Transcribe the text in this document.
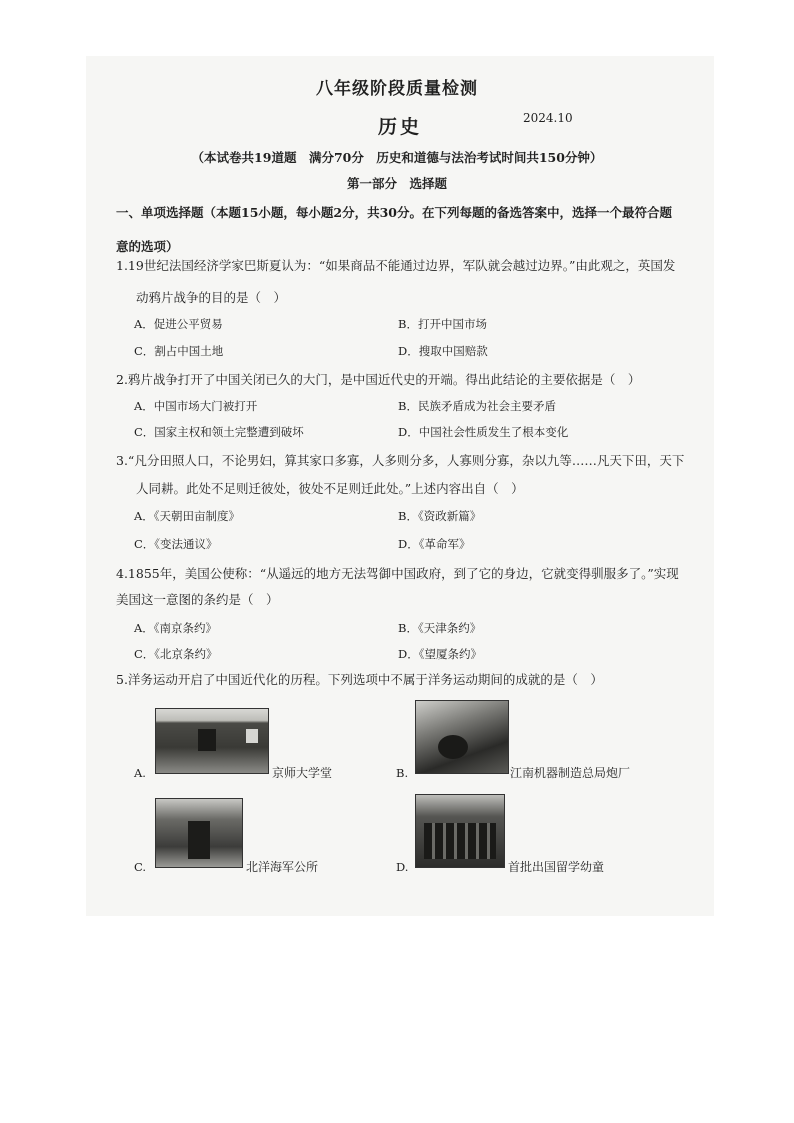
八年级阶段质量检测
历史	2024.10
（本试卷共19道题　满分70分　历史和道德与法治考试时间共150分钟）
第一部分　选择题
一、单项选择题（本题15小题，每小题2分，共30分。在下列每题的备选答案中，选择一个最符合题意的选项）
1.19世纪法国经济学家巴斯夏认为：“如果商品不能通过边界，军队就会越过边界。”由此观之，英国发
动鸦片战争的目的是（　）
A．促进公平贸易	B．打开中国市场
C．割占中国土地	D．搜取中国赔款
2.鸦片战争打开了中国关闭已久的大门，是中国近代史的开端。得出此结论的主要依据是（　）
A．中国市场大门被打开	B．民族矛盾成为社会主要矛盾
C．国家主权和领土完整遭到破坏	D．中国社会性质发生了根本变化
3.“凡分田照人口，不论男妇，算其家口多寡，人多则分多，人寡则分寡，杂以九等……凡天下田，天下
人同耕。此处不足则迁彼处，彼处不足则迁此处。”上述内容出自（　）
A．《天朝田亩制度》	B．《资政新篇》
C．《变法通议》	D．《革命军》
4.1855年，美国公使称：“从遥远的地方无法驾御中国政府，到了它的身边，它就变得驯服多了。”实现
美国这一意图的条约是（　）
A．《南京条约》	B．《天津条约》
C．《北京条约》	D．《望厦条约》
5.洋务运动开启了中国近代化的历程。下列选项中不属于洋务运动期间的成就的是（　）
A.	京师大学堂	B.	江南机器制造总局炮厂
C.	北洋海军公所	D.	首批出国留学幼童
